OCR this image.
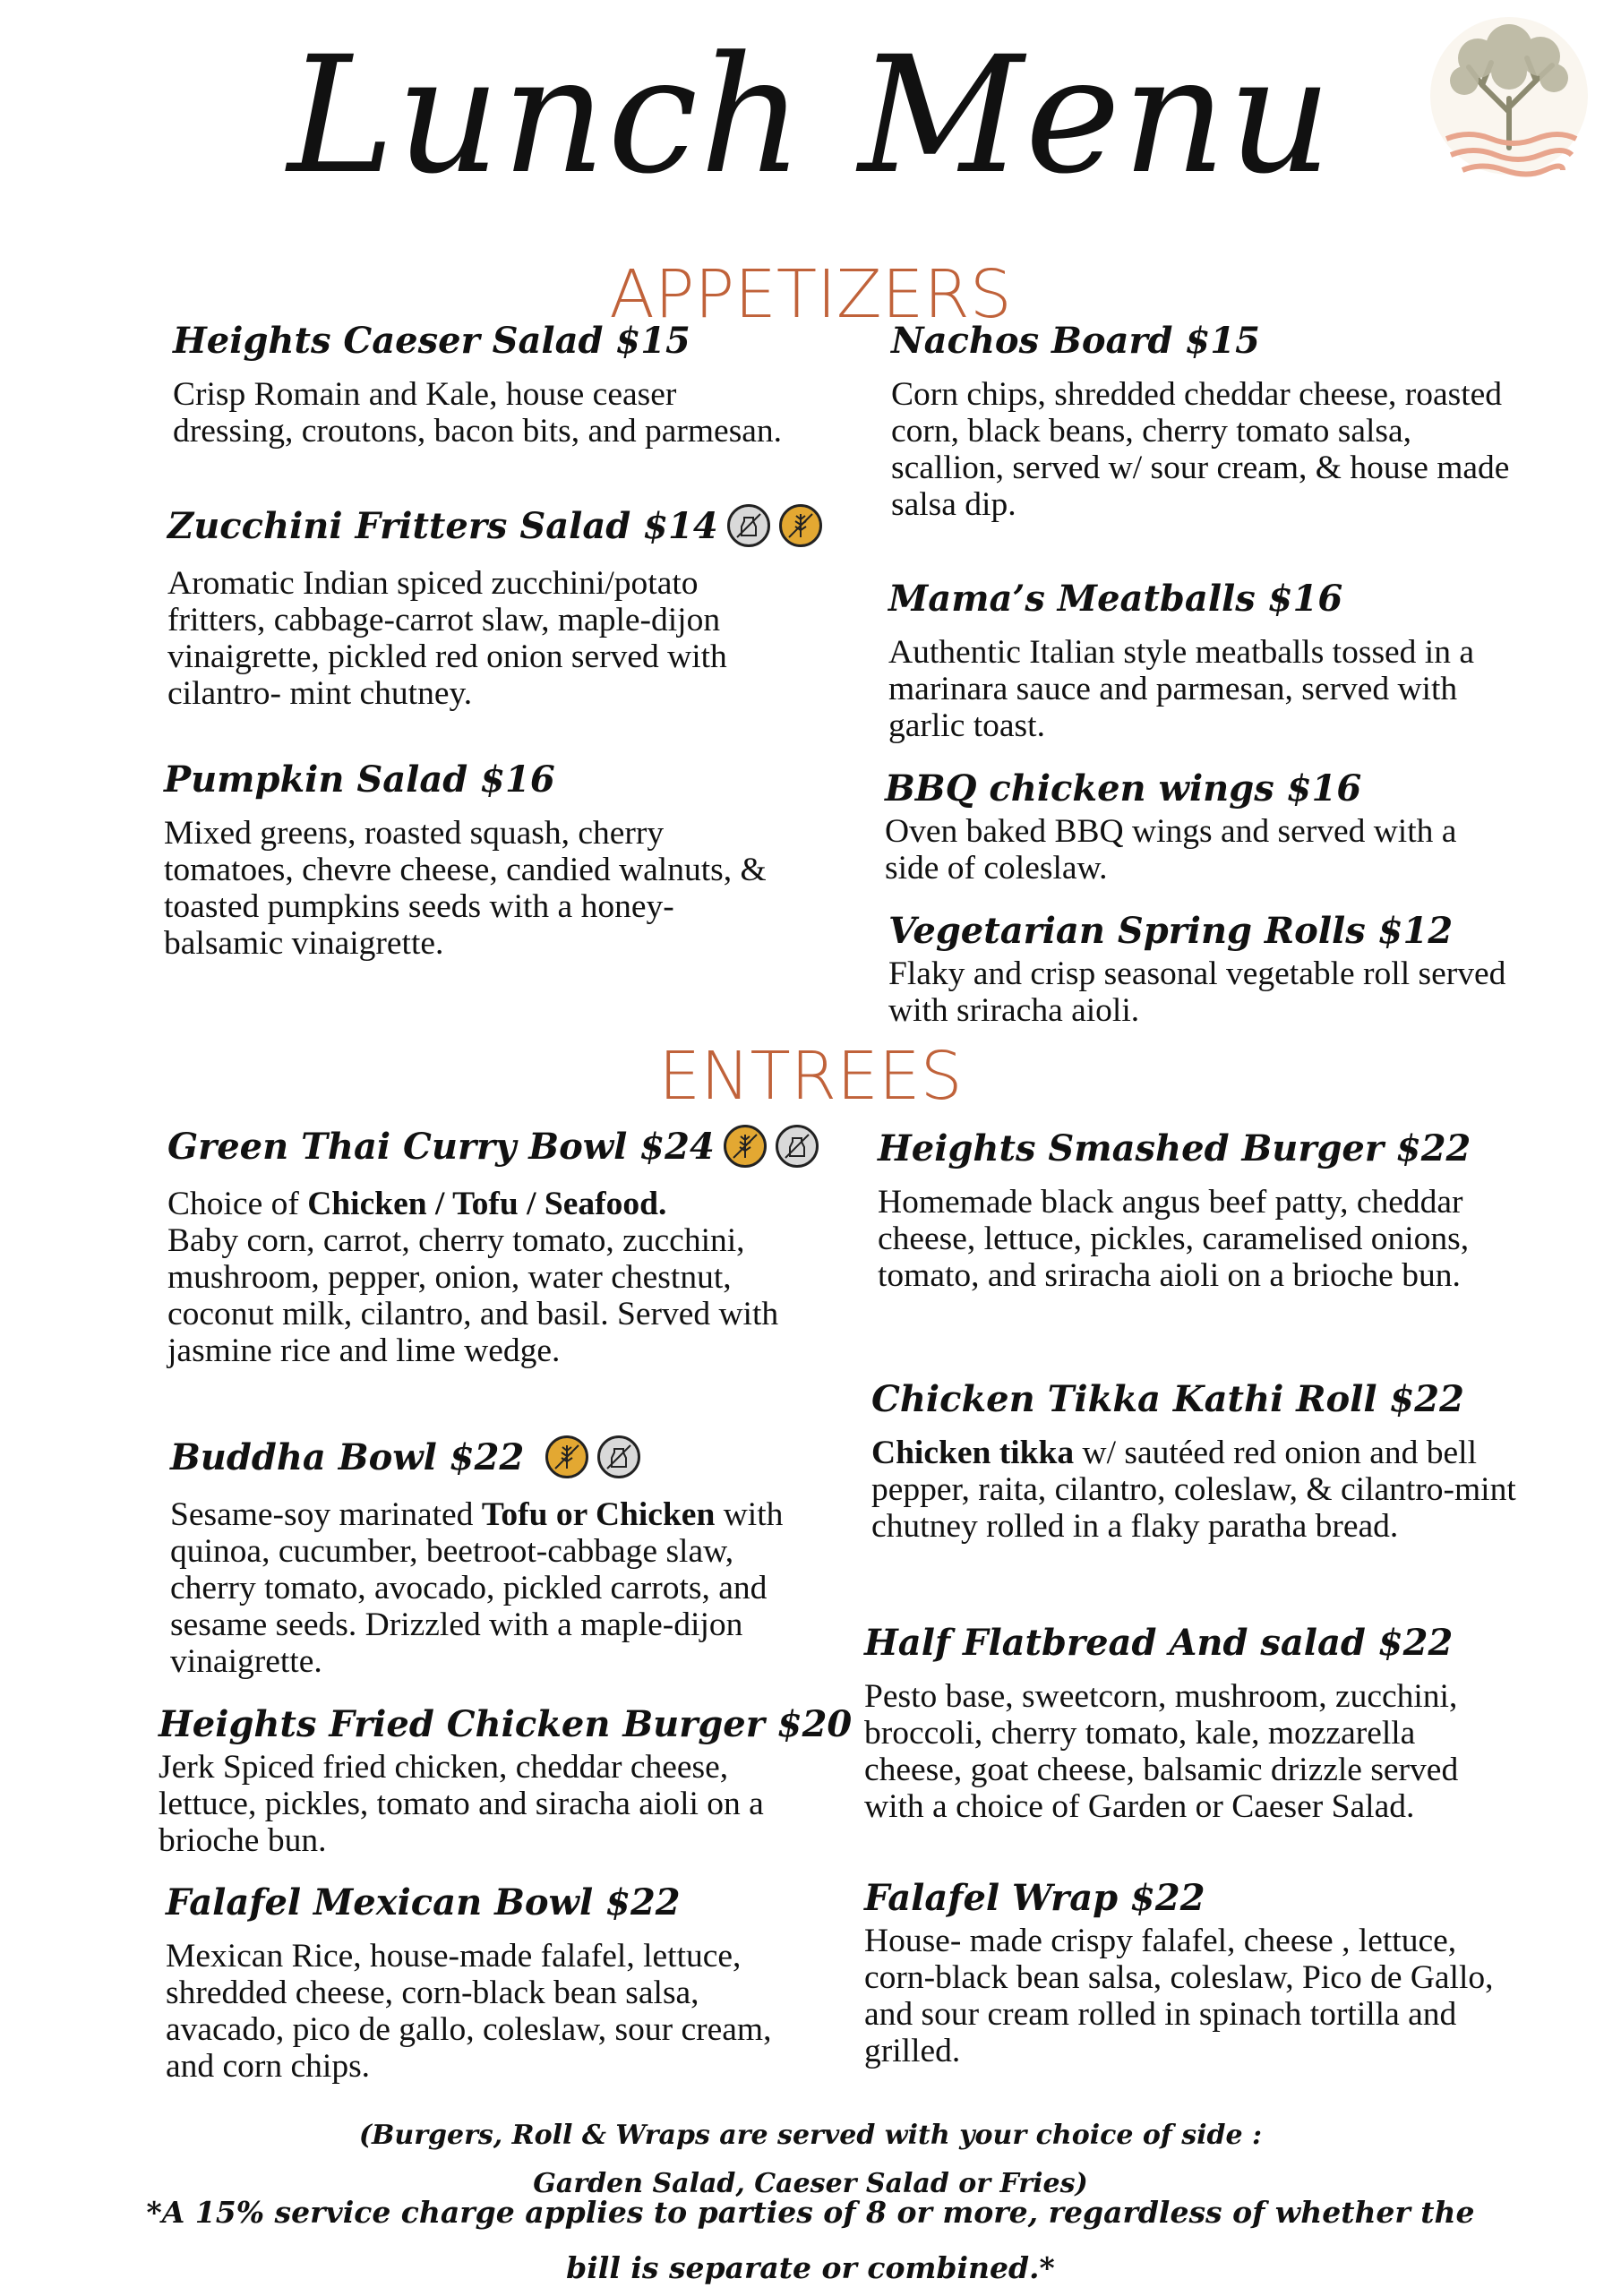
Lunch Menu
APPETIZERS
ENTREES
Heights Caeser Salad $15
Crisp Romain and Kale, house ceaser dressing, croutons, bacon bits, and parmesan.
Zucchini Fritters Salad $14
Aromatic Indian spiced zucchini/potato fritters, cabbage-carrot slaw, maple-dijon vinaigrette, pickled red onion served with cilantro- mint chutney.
Pumpkin Salad $16
Mixed greens, roasted squash, cherry tomatoes, chevre cheese, candied walnuts, & toasted pumpkins seeds with a honey-balsamic vinaigrette.
Nachos Board $15
Corn chips, shredded cheddar cheese, roasted corn, black beans, cherry tomato salsa, scallion, served w/ sour cream, & house made salsa dip.
Mama’s Meatballs $16
Authentic Italian style meatballs tossed in a marinara sauce and parmesan, served with garlic toast.
BBQ chicken wings $16
Oven baked BBQ wings and served with a side of coleslaw.
Vegetarian Spring Rolls $12
Flaky and crisp seasonal vegetable roll served with sriracha aioli.
Green Thai Curry Bowl $24
Choice of Chicken / Tofu / Seafood.
Baby corn, carrot, cherry tomato, zucchini, mushroom, pepper, onion, water chestnut, coconut milk, cilantro, and basil. Served with jasmine rice and lime wedge.
Buddha Bowl $22
Sesame-soy marinated Tofu or Chicken with quinoa, cucumber, beetroot-cabbage slaw, cherry tomato, avocado, pickled carrots, and sesame seeds. Drizzled with a maple-dijon vinaigrette.
Heights Fried Chicken Burger $20
Jerk Spiced fried chicken, cheddar cheese, lettuce, pickles, tomato and siracha aioli on a brioche bun.
Falafel Mexican Bowl $22
Mexican Rice, house-made falafel, lettuce, shredded cheese, corn-black bean salsa, avacado, pico de gallo, coleslaw, sour cream, and corn chips.
Heights Smashed Burger $22
Homemade black angus beef patty, cheddar cheese, lettuce, pickles, caramelised onions, tomato, and sriracha aioli on a brioche bun.
Chicken Tikka Kathi Roll $22
Chicken tikka w/ sautéed red onion and bell pepper, raita, cilantro, coleslaw, & cilantro-mint chutney rolled in a flaky paratha bread.
Half Flatbread And salad $22
Pesto base, sweetcorn, mushroom, zucchini, broccoli, cherry tomato, kale, mozzarella cheese, goat cheese, balsamic drizzle served with a choice of Garden or Caeser Salad.
Falafel Wrap $22
House- made crispy falafel, cheese , lettuce, corn-black bean salsa, coleslaw, Pico de Gallo, and sour cream rolled in spinach tortilla and grilled.
(Burgers, Roll & Wraps are served with your choice of side :
Garden Salad, Caeser Salad or Fries)
*A 15% service charge applies to parties of 8 or more, regardless of whether the
bill is separate or combined.*
